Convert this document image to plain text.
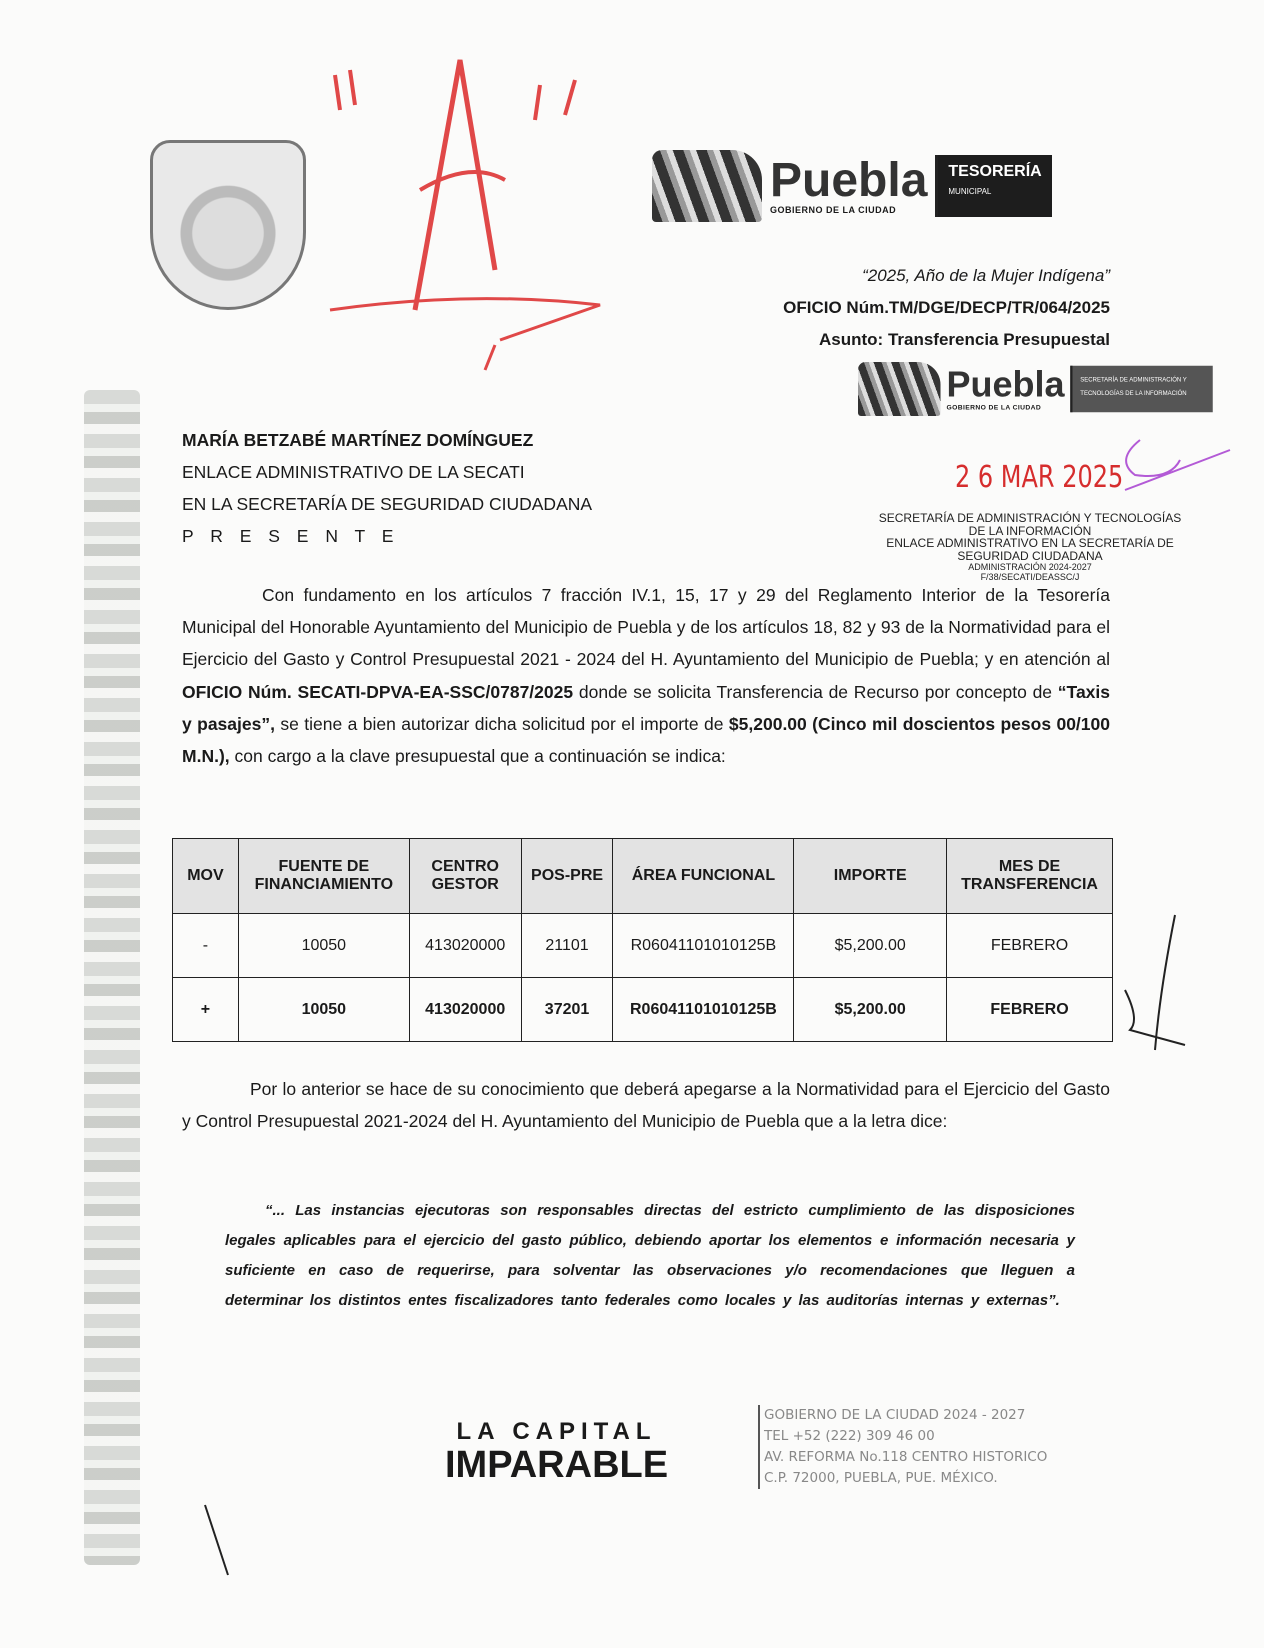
Puebla
GOBIERNO DE LA CIUDAD
TESORERÍA
MUNICIPAL
“2025, Año de la Mujer Indígena”
OFICIO Núm.TM/DGE/DECP/TR/064/2025
Asunto: Transferencia Presupuestal
Puebla
GOBIERNO DE LA CIUDAD
SECRETARÍA DE ADMINISTRACIÓN Y TECNOLOGÍAS DE LA INFORMACIÓN
MARÍA BETZABÉ MARTÍNEZ DOMÍNGUEZ
ENLACE ADMINISTRATIVO DE LA SECATI
EN LA SECRETARÍA DE SEGURIDAD CIUDADANA
P R E S E N T E
2 6 MAR 2025
SECRETARÍA DE ADMINISTRACIÓN Y TECNOLOGÍAS
DE LA INFORMACIÓN
ENLACE ADMINISTRATIVO EN LA SECRETARÍA DE
SEGURIDAD CIUDADANA
ADMINISTRACIÓN 2024-2027
F/38/SECATI/DEASSC/J
Con fundamento en los artículos 7 fracción IV.1, 15, 17 y 29 del Reglamento Interior de la Tesorería Municipal del Honorable Ayuntamiento del Municipio de Puebla y de los artículos 18, 82 y 93 de la Normatividad para el Ejercicio del Gasto y Control Presupuestal 2021 - 2024 del H. Ayuntamiento del Municipio de Puebla; y en atención al OFICIO Núm. SECATI-DPVA-EA-SSC/0787/2025 donde se solicita Transferencia de Recurso por concepto de “Taxis y pasajes”, se tiene a bien autorizar dicha solicitud por el importe de $5,200.00 (Cinco mil doscientos pesos 00/100 M.N.), con cargo a la clave presupuestal que a continuación se indica:
MOV	FUENTE DE FINANCIAMIENTO	CENTRO GESTOR	POS-PRE	ÁREA FUNCIONAL	IMPORTE	MES DE TRANSFERENCIA
-	10050	413020000	21101	R06041101010125B	$5,200.00	FEBRERO
+	10050	413020000	37201	R06041101010125B	$5,200.00	FEBRERO
Por lo anterior se hace de su conocimiento que deberá apegarse a la Normatividad para el Ejercicio del Gasto y Control Presupuestal 2021-2024 del H. Ayuntamiento del Municipio de Puebla que a la letra dice:
“... Las instancias ejecutoras son responsables directas del estricto cumplimiento de las disposiciones legales aplicables para el ejercicio del gasto público, debiendo aportar los elementos e información necesaria y suficiente en caso de requerirse, para solventar las observaciones y/o recomendaciones que lleguen a determinar los distintos entes fiscalizadores tanto federales como locales y las auditorías internas y externas”.
LA CAPITAL
IMPARABLE
GOBIERNO DE LA CIUDAD 2024 - 2027
TEL +52 (222) 309 46 00
AV. REFORMA No.118 CENTRO HISTORICO
C.P. 72000, PUEBLA, PUE. MÉXICO.
